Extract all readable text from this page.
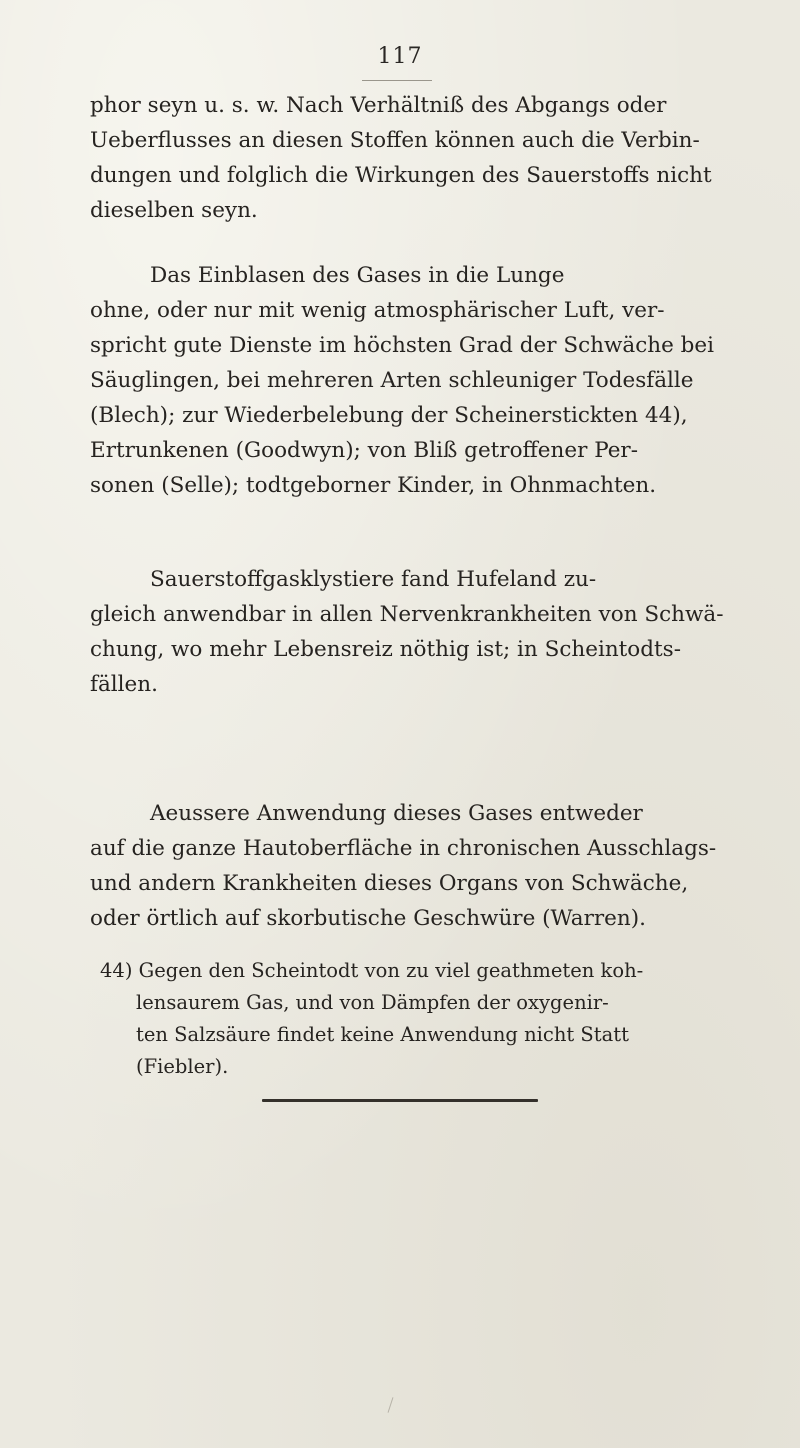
117
phor seyn u. s. w. Nach Verhältniß des Abgangs oder
Ueberflusses an diesen Stoffen können auch die Verbin-
dungen und folglich die Wirkungen des Sauerstoffs nicht
dieselben seyn.
Das Einblasen des Gases in die Lunge
ohne, oder nur mit wenig atmosphärischer Luft, ver-
spricht gute Dienste im höchsten Grad der Schwäche bei
Säuglingen, bei mehreren Arten schleuniger Todesfälle
(Blech); zur Wiederbelebung der Scheinerstickten 44),
Ertrunkenen (Goodwyn); von Bliß getroffener Per-
sonen (Selle); todtgeborner Kinder, in Ohnmachten.
Sauerstoffgasklystiere fand Hufeland zu-
gleich anwendbar in allen Nervenkrankheiten von Schwä-
chung, wo mehr Lebensreiz nöthig ist; in Scheintodts-
fällen.
Aeussere Anwendung dieses Gases entweder
auf die ganze Hautoberfläche in chronischen Ausschlags-
und andern Krankheiten dieses Organs von Schwäche,
oder örtlich auf skorbutische Geschwüre (Warren).
44) Gegen den Scheintodt von zu viel geathmeten koh-
lensaurem Gas, und von Dämpfen der oxygenir-
ten Salzsäure findet keine Anwendung nicht Statt
(Fiebler).
